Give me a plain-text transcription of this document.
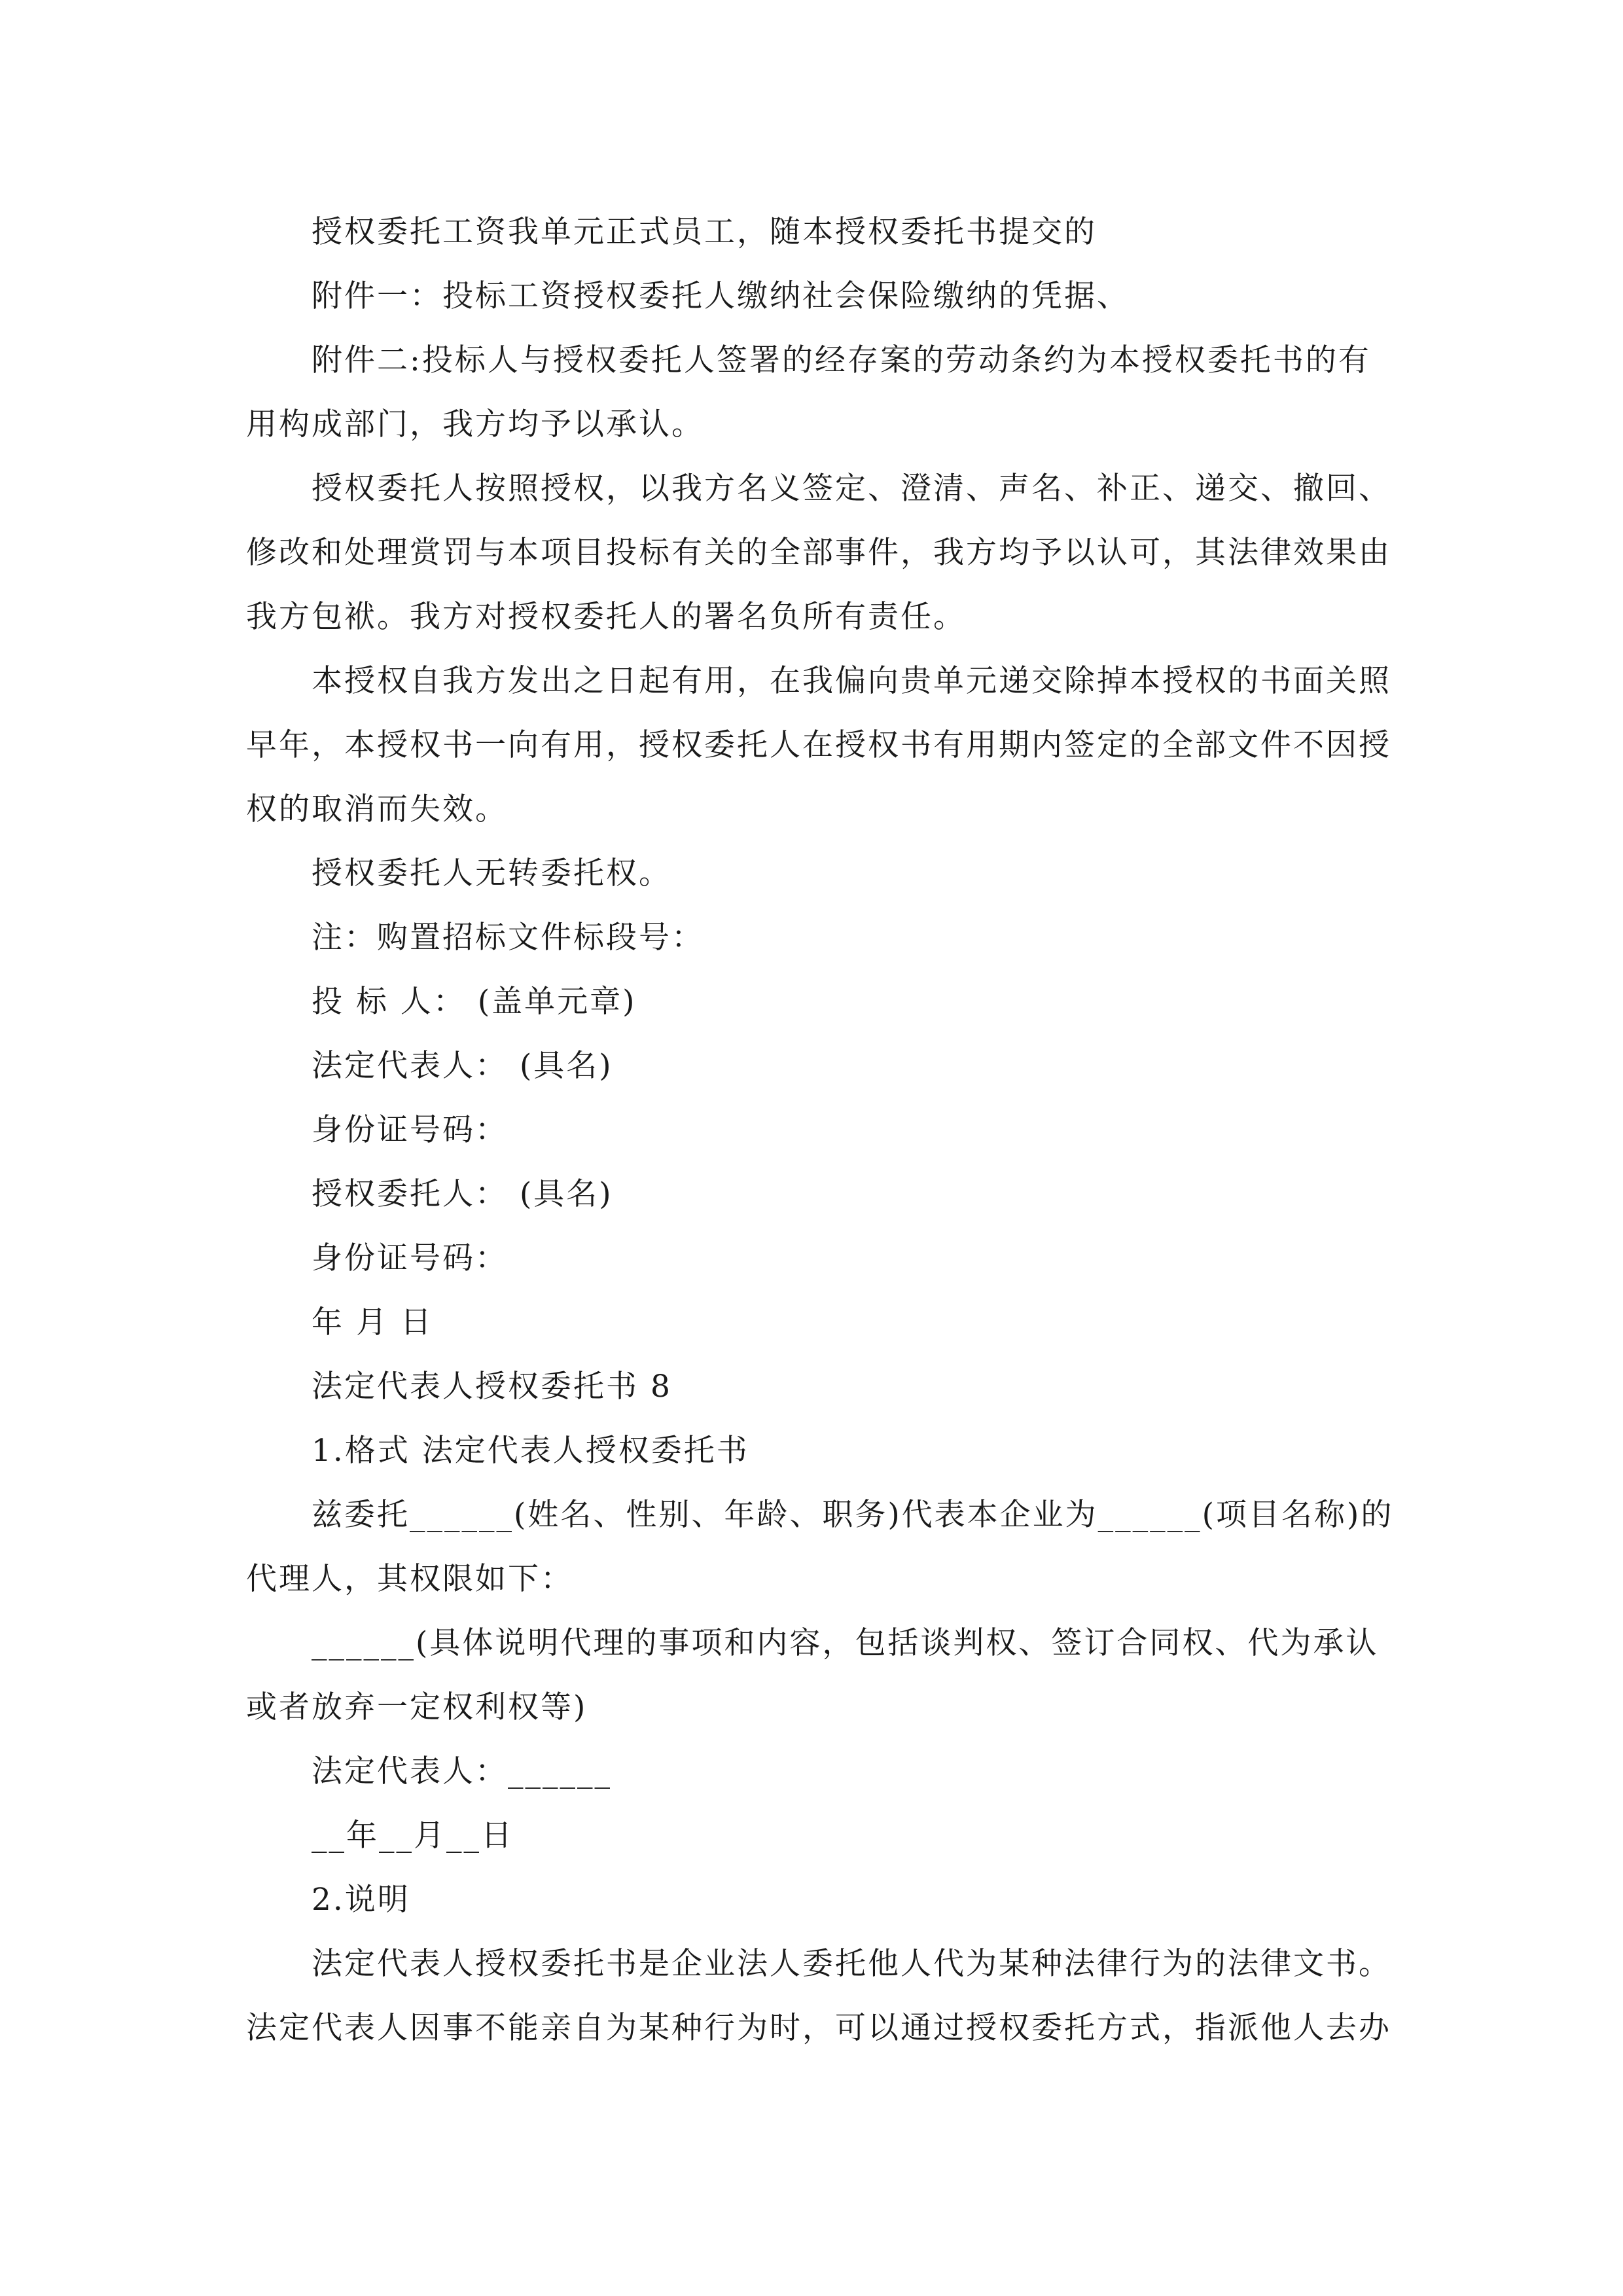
授权委托工资我单元正式员工，随本授权委托书提交的

附件一：投标工资授权委托人缴纳社会保险缴纳的凭据、

附件二:投标人与授权委托人签署的经存案的劳动条约为本授权委托书的有用构成部门，我方均予以承认。

授权委托人按照授权，以我方名义签定、澄清、声名、补正、递交、撤回、修改和处理赏罚与本项目投标有关的全部事件，我方均予以认可，其法律效果由我方包袱。我方对授权委托人的署名负所有责任。

本授权自我方发出之日起有用，在我偏向贵单元递交除掉本授权的书面关照早年，本授权书一向有用，授权委托人在授权书有用期内签定的全部文件不因授权的取消而失效。

授权委托人无转委托权。

注：购置招标文件标段号：

投 标 人： (盖单元章)

法定代表人： (具名)

身份证号码：

授权委托人： (具名)

身份证号码：

年 月 日

法定代表人授权委托书 8

1.格式 法定代表人授权委托书

兹委托______(姓名、性别、年龄、职务)代表本企业为______(项目名称)的代理人，其权限如下：

______(具体说明代理的事项和内容，包括谈判权、签订合同权、代为承认或者放弃一定权利权等)

法定代表人：______

__年__月__日

2.说明

法定代表人授权委托书是企业法人委托他人代为某种法律行为的法律文书。法定代表人因事不能亲自为某种行为时，可以通过授权委托方式，指派他人去办
